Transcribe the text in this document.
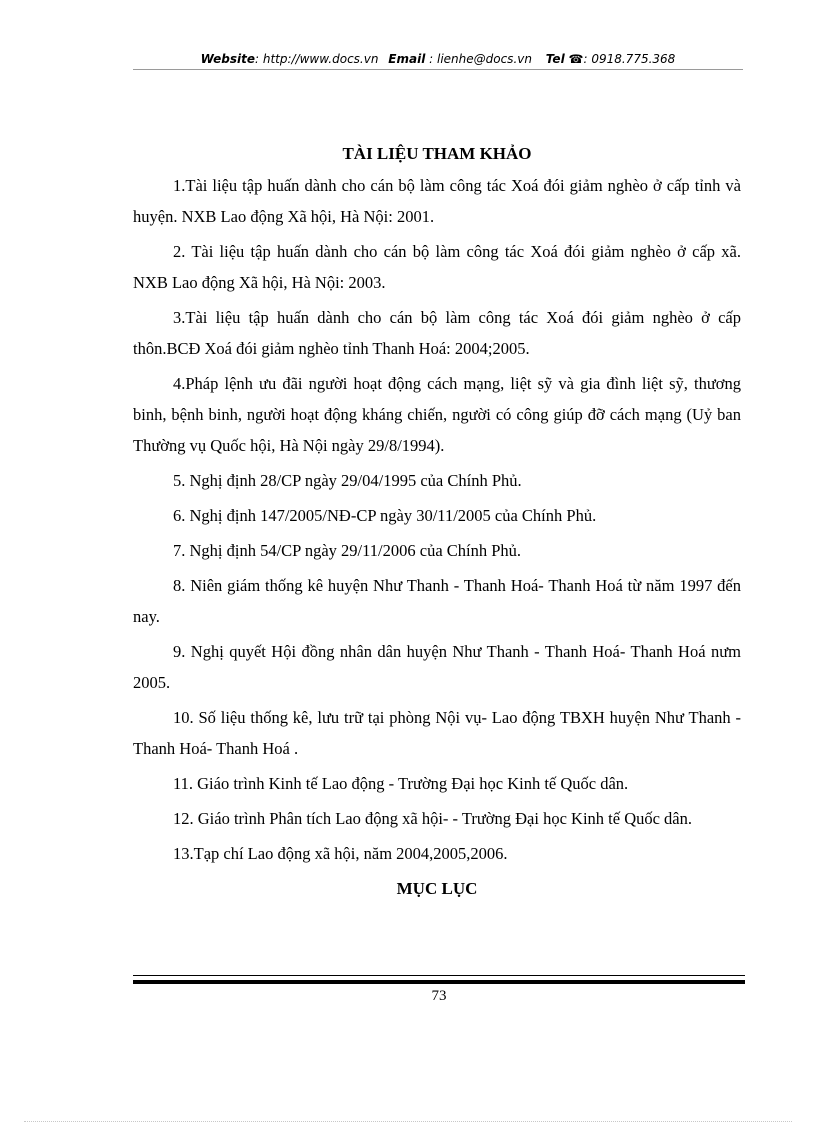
Website: http://www.docs.vn Email : lienhe@docs.vn Tel ☎: 0918.775.368
TÀI LIỆU THAM KHẢO

1.Tài liệu tập huấn dành cho cán bộ làm công tác Xoá đói giảm nghèo ở cấp tỉnh và huyện. NXB Lao động Xã hội, Hà Nội: 2001.

2. Tài liệu tập huấn dành cho cán bộ làm công tác Xoá đói giảm nghèo ở cấp xã. NXB Lao động Xã hội, Hà Nội: 2003.

3.Tài liệu tập huấn dành cho cán bộ làm công tác Xoá đói giảm nghèo ở cấp thôn.BCĐ Xoá đói giảm nghèo tỉnh Thanh Hoá: 2004;2005.

4.Pháp lệnh ưu đãi người hoạt động cách mạng, liệt sỹ và gia đình liệt sỹ, thương binh, bệnh binh, người hoạt động kháng chiến, người có công giúp đỡ cách mạng (Uỷ ban Thường vụ Quốc hội, Hà Nội ngày 29/8/1994).

5. Nghị định 28/CP ngày 29/04/1995 của Chính Phủ.

6. Nghị định 147/2005/NĐ-CP ngày 30/11/2005 của Chính Phủ.

7. Nghị định 54/CP ngày 29/11/2006 của Chính Phủ.

8. Niên giám thống kê huyện Như Thanh - Thanh Hoá- Thanh Hoá từ năm 1997 đến nay.

9. Nghị quyết Hội đồng nhân dân huyện Như Thanh - Thanh Hoá- Thanh Hoá nưm 2005.

10. Số liệu thống kê, lưu trữ tại phòng Nội vụ- Lao động TBXH huyện Như Thanh - Thanh Hoá- Thanh Hoá .

11. Giáo trình Kinh tế Lao động - Trường Đại học Kinh tế Quốc dân.

12. Giáo trình Phân tích Lao động xã hội- - Trường Đại học Kinh tế Quốc dân.

13.Tạp chí Lao động xã hội, năm 2004,2005,2006.

MỤC LỤC
73
